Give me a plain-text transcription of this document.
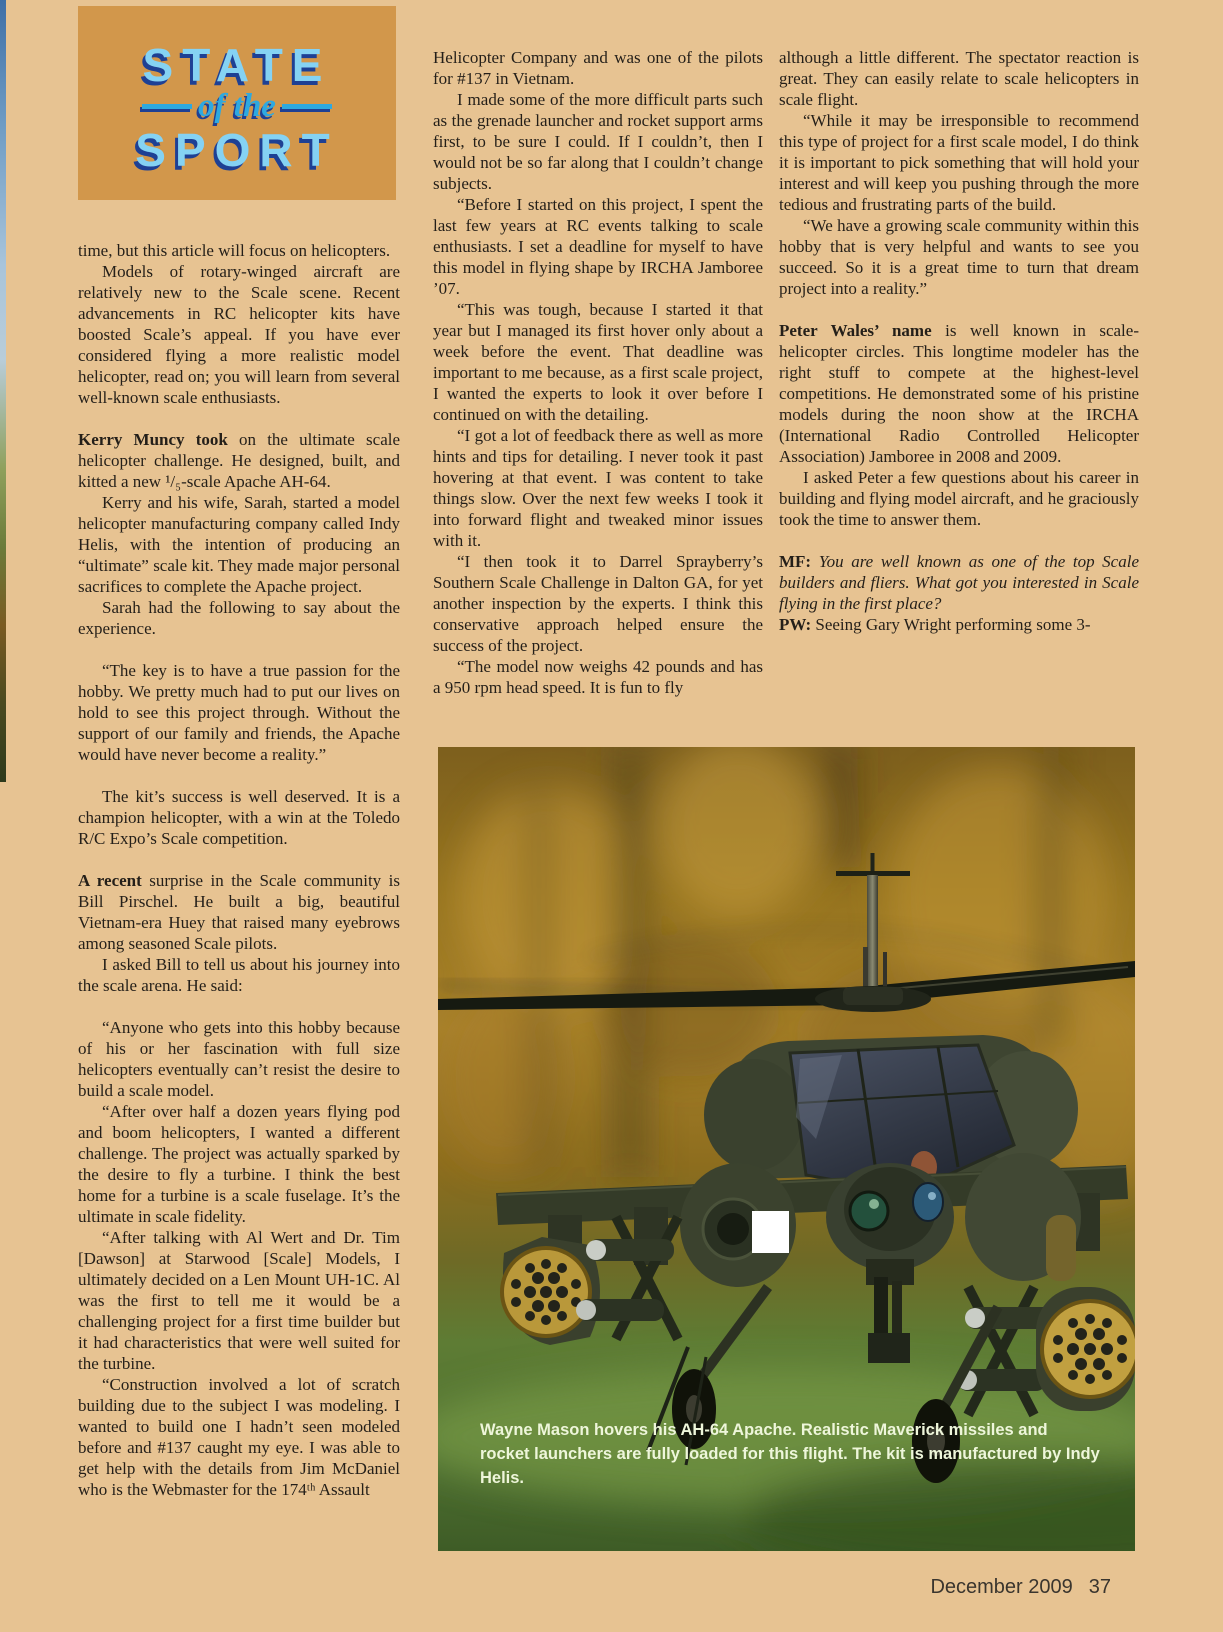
STATE
of the
SPORT

time, but this article will focus on helicopters.

Models of rotary-winged aircraft are relatively new to the Scale scene. Recent advancements in RC helicopter kits have boosted Scale’s appeal. If you have ever considered flying a more realistic model helicopter, read on; you will learn from several well-known scale enthusiasts.

Kerry Muncy took on the ultimate scale helicopter challenge. He designed, built, and kitted a new ¹/₅-scale Apache AH-64.

Kerry and his wife, Sarah, started a model helicopter manufacturing company called Indy Helis, with the intention of producing an “ultimate” scale kit. They made major personal sacrifices to complete the Apache project.

Sarah had the following to say about the experience.

“The key is to have a true passion for the hobby. We pretty much had to put our lives on hold to see this project through. Without the support of our family and friends, the Apache would have never become a reality.”

The kit’s success is well deserved. It is a champion helicopter, with a win at the Toledo R/C Expo’s Scale competition.

A recent surprise in the Scale community is Bill Pirschel. He built a big, beautiful Vietnam-era Huey that raised many eyebrows among seasoned Scale pilots.

I asked Bill to tell us about his journey into the scale arena. He said:

“Anyone who gets into this hobby because of his or her fascination with full size helicopters eventually can’t resist the desire to build a scale model.

“After over half a dozen years flying pod and boom helicopters, I wanted a different challenge. The project was actually sparked by the desire to fly a turbine. I think the best home for a turbine is a scale fuselage. It’s the ultimate in scale fidelity.

“After talking with Al Wert and Dr. Tim [Dawson] at Starwood [Scale] Models, I ultimately decided on a Len Mount UH-1C. Al was the first to tell me it would be a challenging project for a first time builder but it had characteristics that were well suited for the turbine.

“Construction involved a lot of scratch building due to the subject I was modeling. I wanted to build one I hadn’t seen modeled before and #137 caught my eye. I was able to get help with the details from Jim McDaniel who is the Webmaster for the 174ᵗʰ Assault

Helicopter Company and was one of the pilots for #137 in Vietnam.

I made some of the more difficult parts such as the grenade launcher and rocket support arms first, to be sure I could. If I couldn’t, then I would not be so far along that I couldn’t change subjects.

“Before I started on this project, I spent the last few years at RC events talking to scale enthusiasts. I set a deadline for myself to have this model in flying shape by IRCHA Jamboree ’07.

“This was tough, because I started it that year but I managed its first hover only about a week before the event. That deadline was important to me because, as a first scale project, I wanted the experts to look it over before I continued on with the detailing.

“I got a lot of feedback there as well as more hints and tips for detailing. I never took it past hovering at that event. I was content to take things slow. Over the next few weeks I took it into forward flight and tweaked minor issues with it.

“I then took it to Darrel Sprayberry’s Southern Scale Challenge in Dalton GA, for yet another inspection by the experts. I think this conservative approach helped ensure the success of the project.

“The model now weighs 42 pounds and has a 950 rpm head speed. It is fun to fly

although a little different. The spectator reaction is great. They can easily relate to scale helicopters in scale flight.

“While it may be irresponsible to recommend this type of project for a first scale model, I do think it is important to pick something that will hold your interest and will keep you pushing through the more tedious and frustrating parts of the build.

“We have a growing scale community within this hobby that is very helpful and wants to see you succeed. So it is a great time to turn that dream project into a reality.”

Peter Wales’ name is well known in scale-helicopter circles. This longtime modeler has the right stuff to compete at the highest-level competitions. He demonstrated some of his pristine models during the noon show at the IRCHA (International Radio Controlled Helicopter Association) Jamboree in 2008 and 2009.

I asked Peter a few questions about his career in building and flying model aircraft, and he graciously took the time to answer them.

MF: You are well known as one of the top Scale builders and fliers. What got you interested in Scale flying in the first place?

PW: Seeing Gary Wright performing some 3-

Wayne Mason hovers his AH-64 Apache. Realistic Maverick missiles and rocket launchers are fully loaded for this flight. The kit is manufactured by Indy Helis.
December 2009 37
